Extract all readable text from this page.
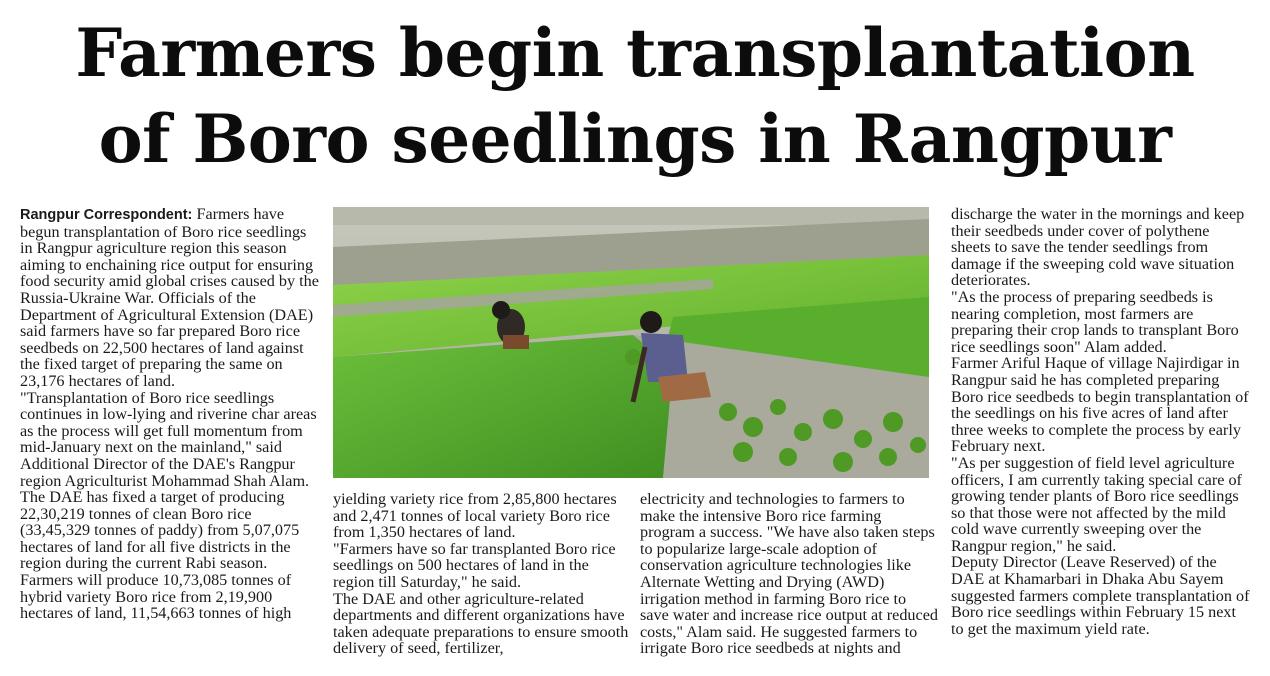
Farmers begin transplantation
of Boro seedlings in Rangpur

Rangpur Correspondent: Farmers have begun transplantation of Boro rice seedlings in Rangpur agriculture region this season aiming to enchaining rice output for ensuring food security amid global crises caused by the Russia-Ukraine War. Officials of the Department of Agricultural Extension (DAE) said farmers have so far prepared Boro rice seedbeds on 22,500 hectares of land against the fixed target of preparing the same on 23,176 hectares of land.

"Transplantation of Boro rice seedlings continues in low-lying and riverine char areas as the process will get full momentum from mid-January next on the mainland," said Additional Director of the DAE's Rangpur region Agriculturist Mohammad Shah Alam.

The DAE has fixed a target of producing 22,30,219 tonnes of clean Boro rice (33,45,329 tonnes of paddy) from 5,07,075 hectares of land for all five districts in the region during the current Rabi season.

Farmers will produce 10,73,085 tonnes of hybrid variety Boro rice from 2,19,900 hectares of land, 11,54,663 tonnes of high

yielding variety rice from 2,85,800 hectares and 2,471 tonnes of local variety Boro rice from 1,350 hectares of land.

"Farmers have so far transplanted Boro rice seedlings on 500 hectares of land in the region till Saturday," he said.

The DAE and other agriculture-related departments and different organizations have taken adequate preparations to ensure smooth delivery of seed, fertilizer,

electricity and technologies to farmers to make the intensive Boro rice farming program a success. "We have also taken steps to popularize large-scale adoption of conservation agriculture technologies like Alternate Wetting and Drying (AWD) irrigation method in farming Boro rice to save water and increase rice output at reduced costs," Alam said. He suggested farmers to irrigate Boro rice seedbeds at nights and

discharge the water in the mornings and keep their seedbeds under cover of polythene sheets to save the tender seedlings from damage if the sweeping cold wave situation deteriorates.

"As the process of preparing seedbeds is nearing completion, most farmers are preparing their crop lands to transplant Boro rice seedlings soon" Alam added.

Farmer Ariful Haque of village Najirdigar in Rangpur said he has completed preparing Boro rice seedbeds to begin transplantation of the seedlings on his five acres of land after three weeks to complete the process by early February next.

"As per suggestion of field level agriculture officers, I am currently taking special care of growing tender plants of Boro rice seedlings so that those were not affected by the mild cold wave currently sweeping over the Rangpur region," he said.

Deputy Director (Leave Reserved) of the DAE at Khamarbari in Dhaka Abu Sayem suggested farmers complete transplantation of Boro rice seedlings within February 15 next to get the maximum yield rate.
